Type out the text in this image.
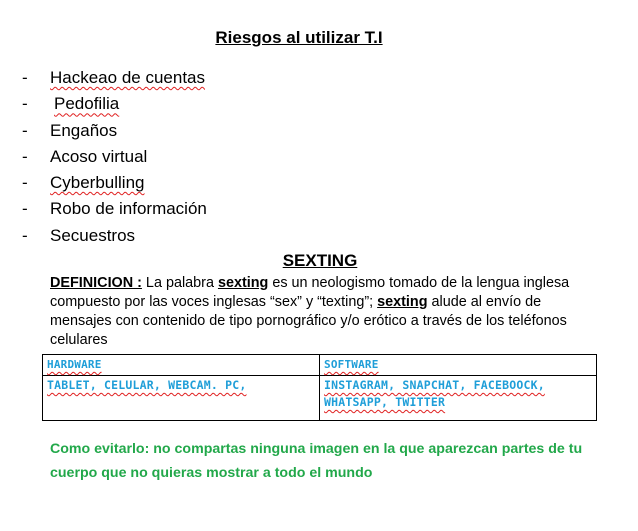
Riesgos al utilizar T.I
- Hackeao de cuentas
- Pedofilia
- Engaños
- Acoso virtual
- Cyberbulling
- Robo de información
- Secuestros
SEXTING
DEFINICION : La palabra sexting es un neologismo tomado de la lengua inglesa compuesto por las voces inglesas “sex” y “texting”; sexting alude al envío de mensajes con contenido de tipo pornográfico y/o erótico a través de los teléfonos celulares
HARDWARE	SOFTWARE
TABLET, CELULAR, WEBCAM. PC,	INSTAGRAM, SNAPCHAT, FACEBOOCK, WHATSAPP, TWITTER
Como evitarlo: no compartas ninguna imagen en la que aparezcan partes de tu cuerpo que no quieras mostrar a todo el mundo
